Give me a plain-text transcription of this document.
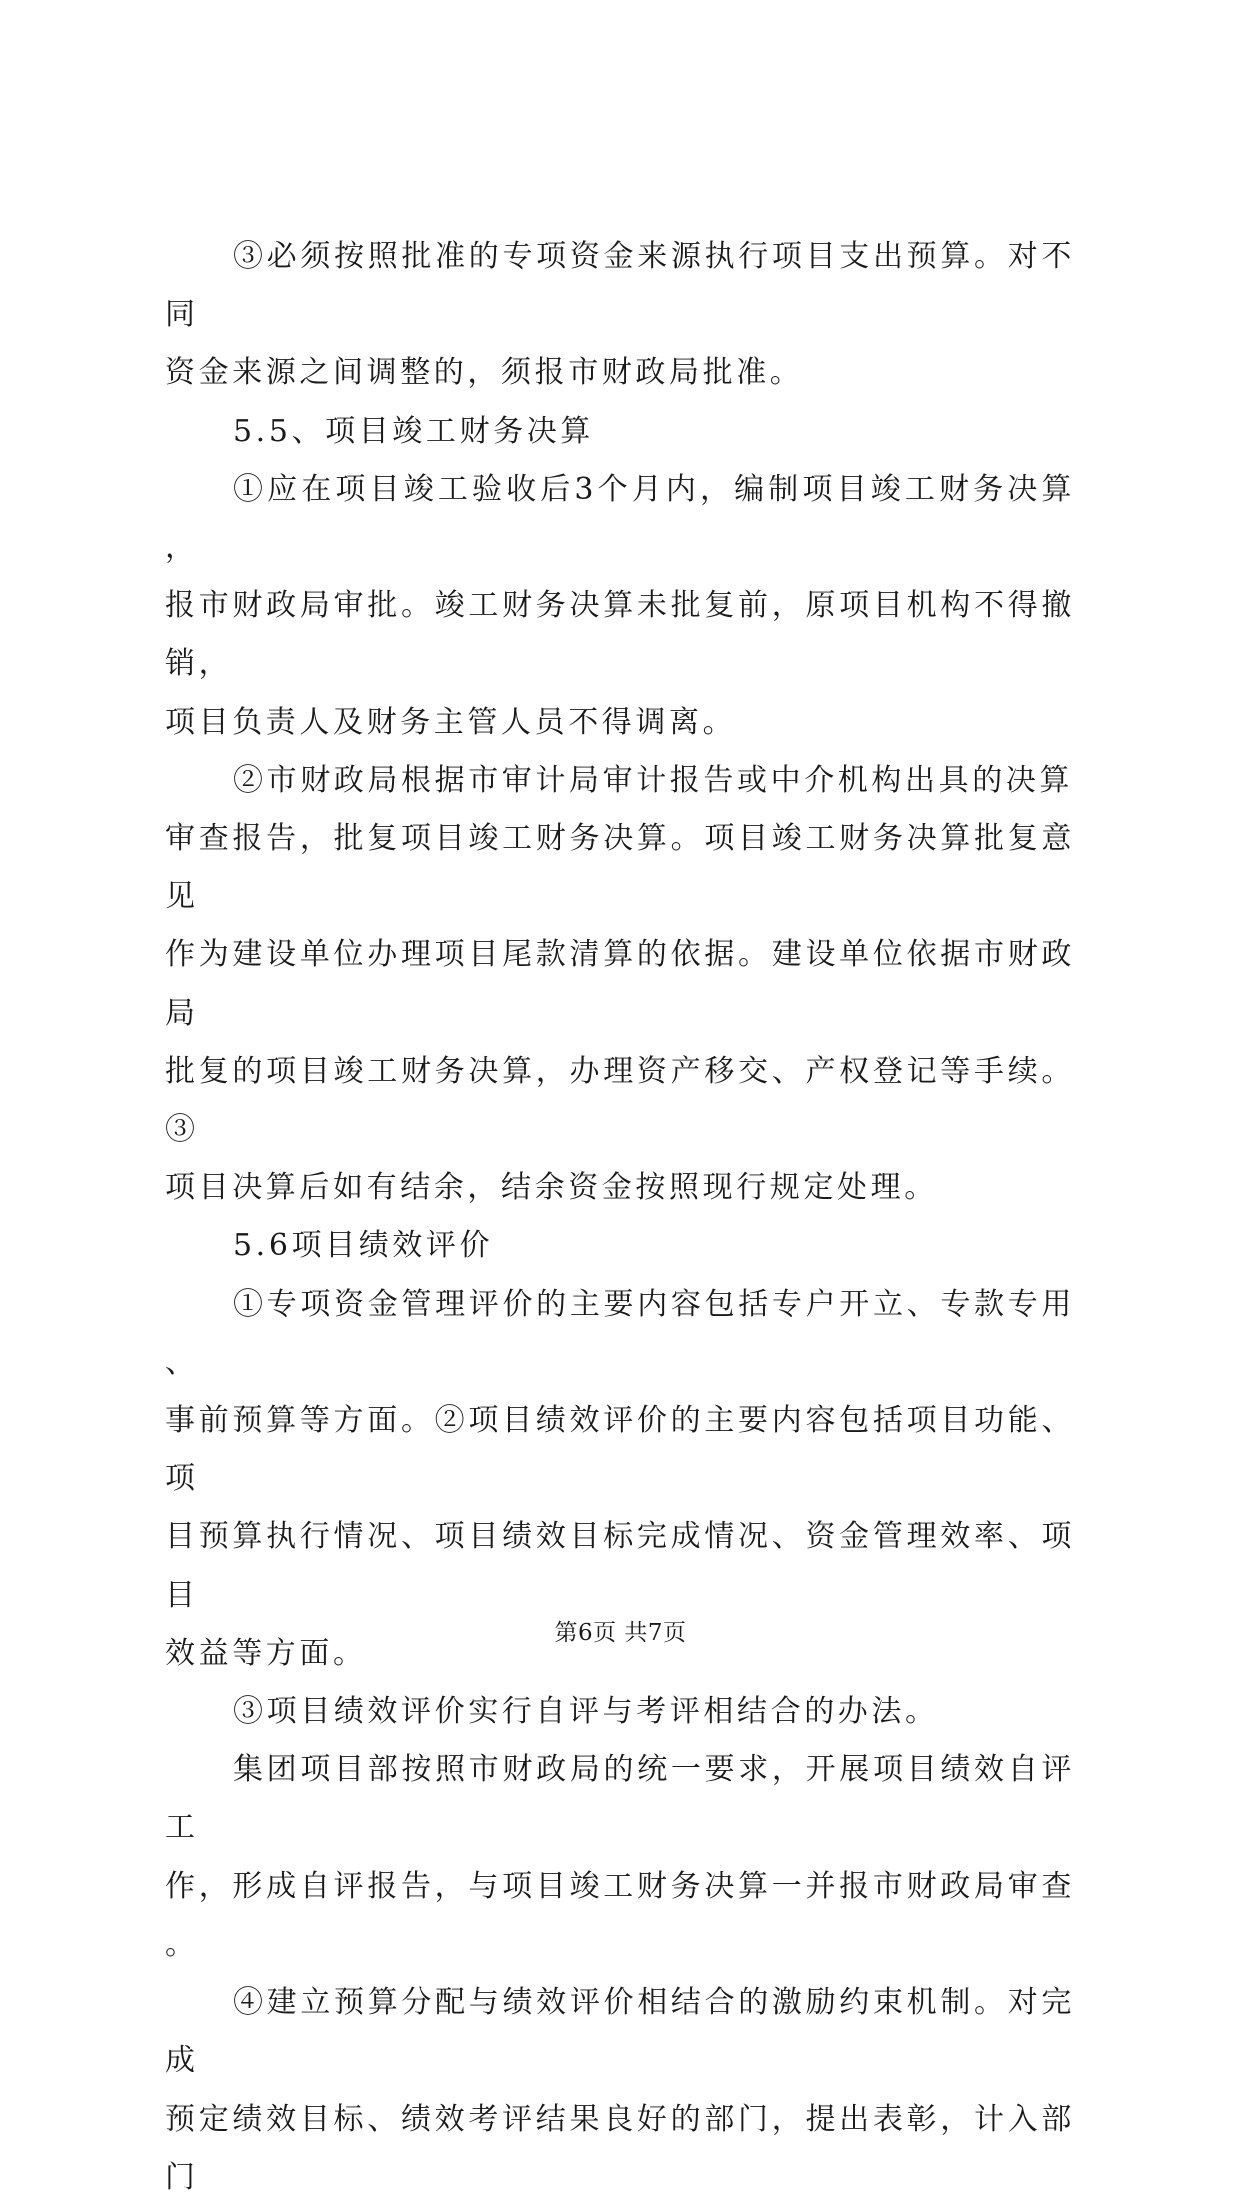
③必须按照批准的专项资金来源执行项目支出预算。对不同
资金来源之间调整的，须报市财政局批准。
5.5、项目竣工财务决算
①应在项目竣工验收后3个月内，编制项目竣工财务决算，
报市财政局审批。竣工财务决算未批复前，原项目机构不得撤销，
项目负责人及财务主管人员不得调离。
②市财政局根据市审计局审计报告或中介机构出具的决算
审查报告，批复项目竣工财务决算。项目竣工财务决算批复意见
作为建设单位办理项目尾款清算的依据。建设单位依据市财政局
批复的项目竣工财务决算，办理资产移交、产权登记等手续。③
项目决算后如有结余，结余资金按照现行规定处理。
5.6项目绩效评价
①专项资金管理评价的主要内容包括专户开立、专款专用、
事前预算等方面。②项目绩效评价的主要内容包括项目功能、项
目预算执行情况、项目绩效目标完成情况、资金管理效率、项目
效益等方面。
③项目绩效评价实行自评与考评相结合的办法。
集团项目部按照市财政局的统一要求，开展项目绩效自评工
作，形成自评报告，与项目竣工财务决算一并报市财政局审查。
④建立预算分配与绩效评价相结合的激励约束机制。对完成
预定绩效目标、绩效考评结果良好的部门，提出表彰，计入部门
第6页 共7页
